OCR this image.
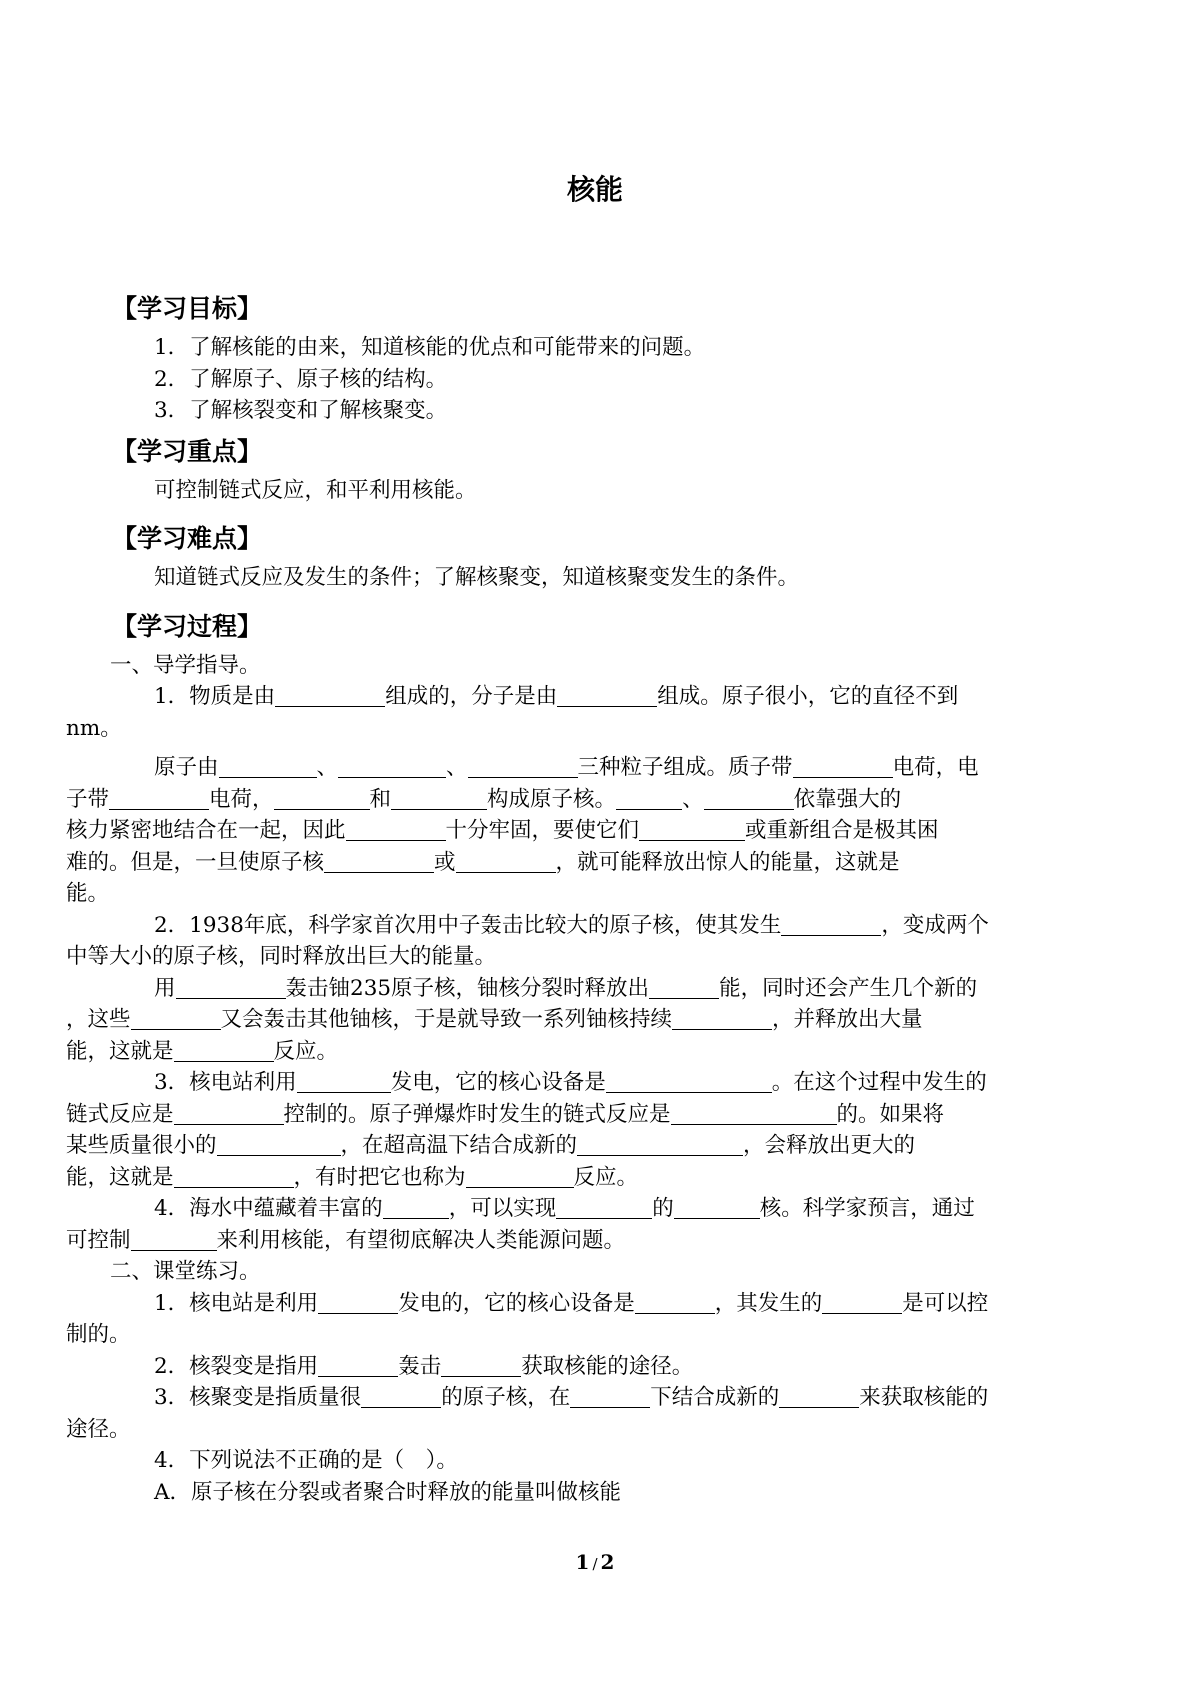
核能
【学习目标】

1．了解核能的由来，知道核能的优点和可能带来的问题。

2．了解原子、原子核的结构。

3．了解核裂变和了解核聚变。

【学习重点】

可控制链式反应，和平利用核能。

【学习难点】

知道链式反应及发生的条件；了解核聚变，知道核聚变发生的条件。

【学习过程】

一、导学指导。

1．物质是由	组成的，分子是由	组成。原子很小，它的直径不到
nm。

原子由	、	、	三种粒子组成。质子带	电荷，电
子带	电荷，	和	构成原子核。	、	依靠强大的
核力紧密地结合在一起，因此	十分牢固，要使它们	或重新组合是极其困
难的。但是，一旦使原子核	或	，就可能释放出惊人的能量，这就是
能。

2．1938年底，科学家首次用中子轰击比较大的原子核，使其发生	，变成两个
中等大小的原子核，同时释放出巨大的能量。

用	轰击铀235原子核，铀核分裂时释放出	能，同时还会产生几个新的
，这些	又会轰击其他铀核，于是就导致一系列铀核持续	，并释放出大量
能，这就是	反应。

3．核电站利用	发电，它的核心设备是	。在这个过程中发生的
链式反应是	控制的。原子弹爆炸时发生的链式反应是	的。如果将
某些质量很小的	，在超高温下结合成新的	，会释放出更大的
能，这就是	，有时把它也称为	反应。

4．海水中蕴藏着丰富的	，可以实现	的	核。科学家预言，通过
可控制	来利用核能，有望彻底解决人类能源问题。

二、课堂练习。

1．核电站是利用	发电的，它的核心设备是	，其发生的	是可以控
制的。

2．核裂变是指用	轰击	获取核能的途径。

3．核聚变是指质量很	的原子核，在	下结合成新的	来获取核能的
途径。

4．下列说法不正确的是（　）。

A．原子核在分裂或者聚合时释放的能量叫做核能

1 / 2
